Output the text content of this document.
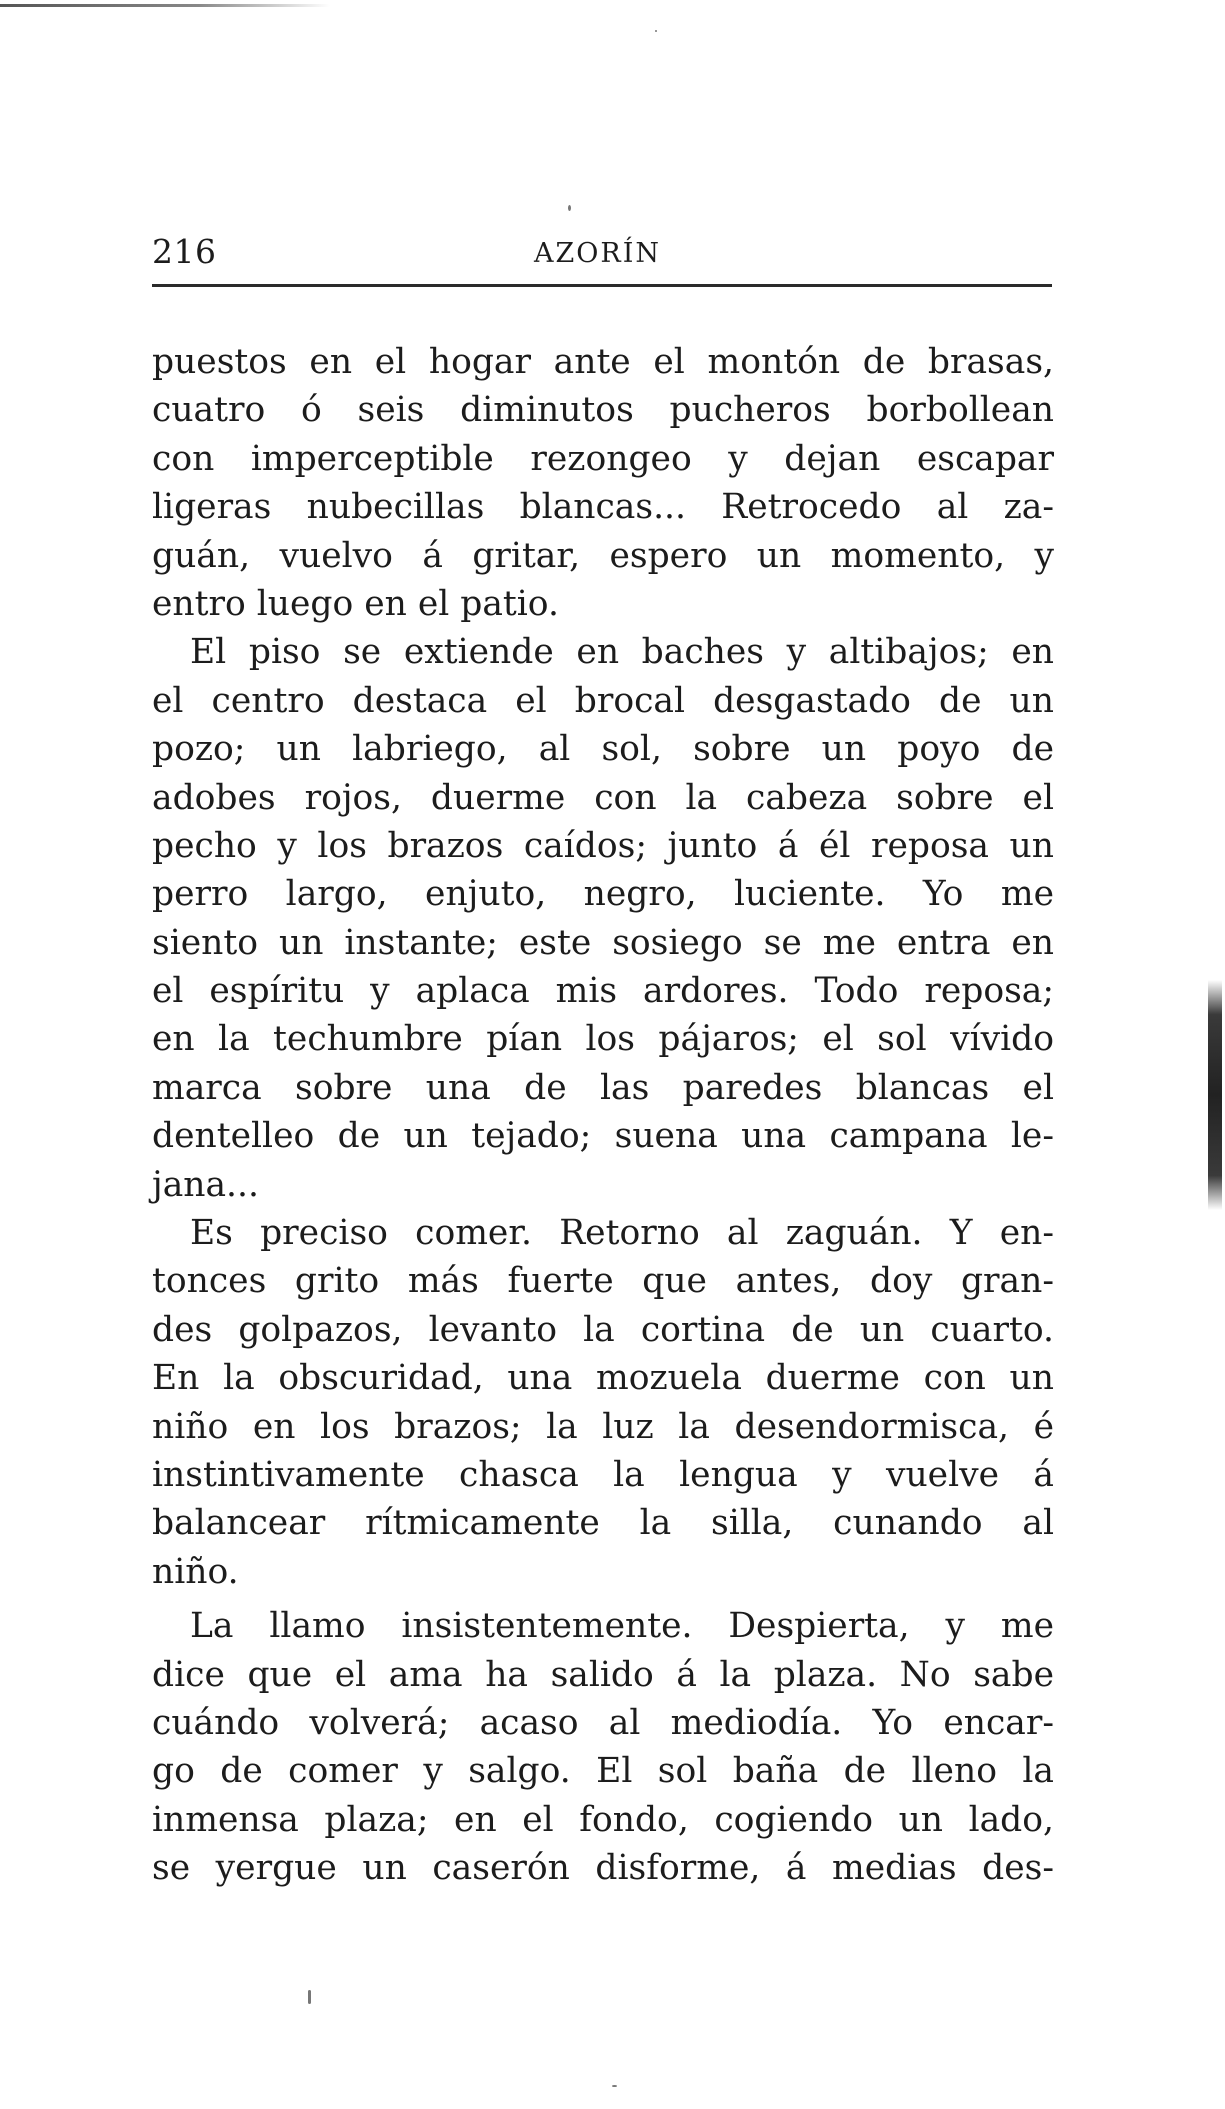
216	AZORÍN
puestos en el hogar ante el montón de brasas,
cuatro ó seis diminutos pucheros borbollean
con imperceptible rezongeo y dejan escapar
ligeras nubecillas blancas... Retrocedo al za-
guán, vuelvo á gritar, espero un momento, y
entro luego en el patio.
El piso se extiende en baches y altibajos; en
el centro destaca el brocal desgastado de un
pozo; un labriego, al sol, sobre un poyo de
adobes rojos, duerme con la cabeza sobre el
pecho y los brazos caídos; junto á él reposa un
perro largo, enjuto, negro, luciente. Yo me
siento un instante; este sosiego se me entra en
el espíritu y aplaca mis ardores. Todo reposa;
en la techumbre pían los pájaros; el sol vívido
marca sobre una de las paredes blancas el
dentelleo de un tejado; suena una campana le-
jana...
Es preciso comer. Retorno al zaguán. Y en-
tonces grito más fuerte que antes, doy gran-
des golpazos, levanto la cortina de un cuarto.
En la obscuridad, una mozuela duerme con un
niño en los brazos; la luz la desendormisca, é
instintivamente chasca la lengua y vuelve á
balancear rítmicamente la silla, cunando al
niño.
La llamo insistentemente. Despierta, y me
dice que el ama ha salido á la plaza. No sabe
cuándo volverá; acaso al mediodía. Yo encar-
go de comer y salgo. El sol baña de lleno la
inmensa plaza; en el fondo, cogiendo un lado,
se yergue un caserón disforme, á medias des-
